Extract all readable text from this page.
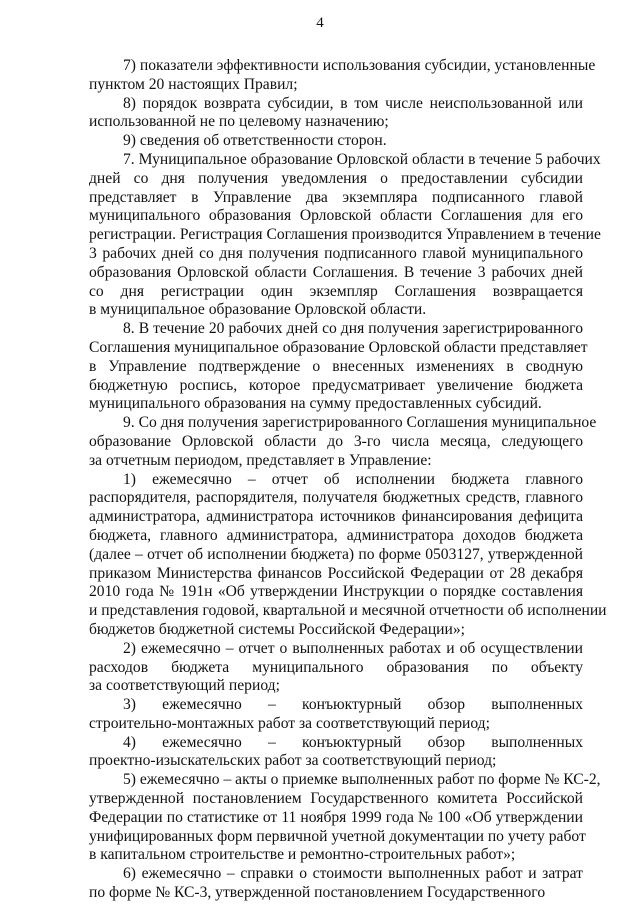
4
7) показатели эффективности использования субсидии, установленные
пунктом 20 настоящих Правил;
8) порядок возврата субсидии, в том числе неиспользованной или
использованной не по целевому назначению;
9) сведения об ответственности сторон.
7. Муниципальное образование Орловской области в течение 5 рабочих
дней со дня получения уведомления о предоставлении субсидии
представляет в Управление два экземпляра подписанного главой
муниципального образования Орловской области Соглашения для его
регистрации. Регистрация Соглашения производится Управлением в течение
3 рабочих дней со дня получения подписанного главой муниципального
образования Орловской области Соглашения. В течение 3 рабочих дней
со дня регистрации один экземпляр Соглашения возвращается
в муниципальное образование Орловской области.
8. В течение 20 рабочих дней со дня получения зарегистрированного
Соглашения муниципальное образование Орловской области представляет
в Управление подтверждение о внесенных изменениях в сводную
бюджетную роспись, которое предусматривает увеличение бюджета
муниципального образования на сумму предоставленных субсидий.
9. Со дня получения зарегистрированного Соглашения муниципальное
образование Орловской области до 3-го числа месяца, следующего
за отчетным периодом, представляет в Управление:
1) ежемесячно – отчет об исполнении бюджета главного
распорядителя, распорядителя, получателя бюджетных средств, главного
администратора, администратора источников финансирования дефицита
бюджета, главного администратора, администратора доходов бюджета
(далее – отчет об исполнении бюджета) по форме 0503127, утвержденной
приказом Министерства финансов Российской Федерации от 28 декабря
2010 года № 191н «Об утверждении Инструкции о порядке составления
и представления годовой, квартальной и месячной отчетности об исполнении
бюджетов бюджетной системы Российской Федерации»;
2) ежемесячно – отчет о выполненных работах и об осуществлении
расходов бюджета муниципального образования по объекту
за соответствующий период;
3) ежемесячно – конъюктурный обзор выполненных
строительно-монтажных работ за соответствующий период;
4) ежемесячно – конъюктурный обзор выполненных
проектно-изыскательских работ за соответствующий период;
5) ежемесячно – акты о приемке выполненных работ по форме № КС-2,
утвержденной постановлением Государственного комитета Российской
Федерации по статистике от 11 ноября 1999 года № 100 «Об утверждении
унифицированных форм первичной учетной документации по учету работ
в капитальном строительстве и ремонтно-строительных работ»;
6) ежемесячно – справки о стоимости выполненных работ и затрат
по форме № КС-3, утвержденной постановлением Государственного
